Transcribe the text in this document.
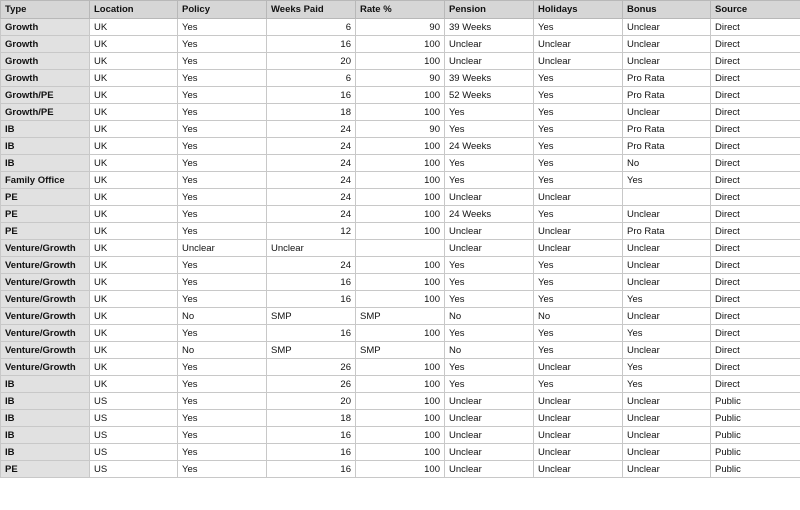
Type	Location	Policy	Weeks Paid	Rate %	Pension	Holidays	Bonus	Source
Growth	UK	Yes	6	90	39 Weeks	Yes	Unclear	Direct
Growth	UK	Yes	16	100	Unclear	Unclear	Unclear	Direct
Growth	UK	Yes	20	100	Unclear	Unclear	Unclear	Direct
Growth	UK	Yes	6	90	39 Weeks	Yes	Pro Rata	Direct
Growth/PE	UK	Yes	16	100	52 Weeks	Yes	Pro Rata	Direct
Growth/PE	UK	Yes	18	100	Yes	Yes	Unclear	Direct
IB	UK	Yes	24	90	Yes	Yes	Pro Rata	Direct
IB	UK	Yes	24	100	24 Weeks	Yes	Pro Rata	Direct
IB	UK	Yes	24	100	Yes	Yes	No	Direct
Family Office	UK	Yes	24	100	Yes	Yes	Yes	Direct
PE	UK	Yes	24	100	Unclear	Unclear		Direct
PE	UK	Yes	24	100	24 Weeks	Yes	Unclear	Direct
PE	UK	Yes	12	100	Unclear	Unclear	Pro Rata	Direct
Venture/Growth	UK	Unclear	Unclear		Unclear	Unclear	Unclear	Direct
Venture/Growth	UK	Yes	24	100	Yes	Yes	Unclear	Direct
Venture/Growth	UK	Yes	16	100	Yes	Yes	Unclear	Direct
Venture/Growth	UK	Yes	16	100	Yes	Yes	Yes	Direct
Venture/Growth	UK	No	SMP	SMP	No	No	Unclear	Direct
Venture/Growth	UK	Yes	16	100	Yes	Yes	Yes	Direct
Venture/Growth	UK	No	SMP	SMP	No	Yes	Unclear	Direct
Venture/Growth	UK	Yes	26	100	Yes	Unclear	Yes	Direct
IB	UK	Yes	26	100	Yes	Yes	Yes	Direct
IB	US	Yes	20	100	Unclear	Unclear	Unclear	Public
IB	US	Yes	18	100	Unclear	Unclear	Unclear	Public
IB	US	Yes	16	100	Unclear	Unclear	Unclear	Public
IB	US	Yes	16	100	Unclear	Unclear	Unclear	Public
PE	US	Yes	16	100	Unclear	Unclear	Unclear	Public
